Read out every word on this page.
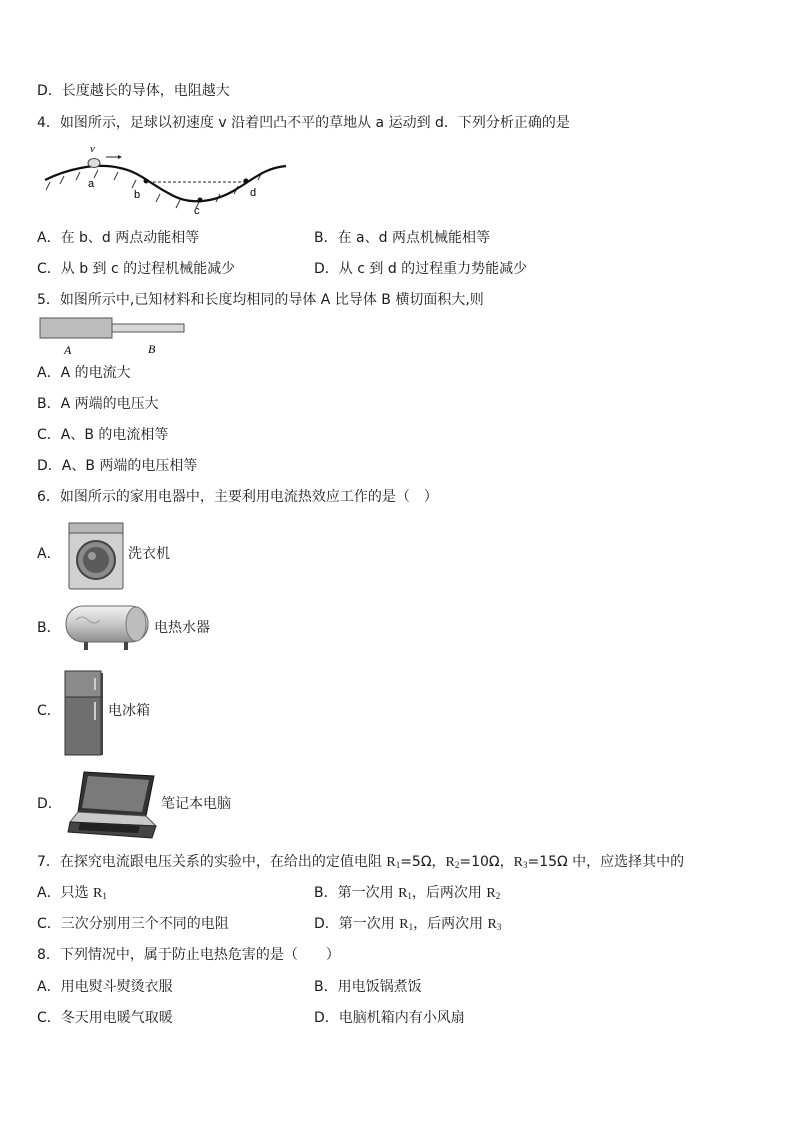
D．长度越长的导体，电阻越大
4．如图所示，足球以初速度 v 沿着凹凸不平的草地从 a 运动到 d．下列分析正确的是
v
a
b
c
d
A．在 b、d 两点动能相等	B．在 a、d 两点机械能相等
C．从 b 到 c 的过程机械能减少	D．从 c 到 d 的过程重力势能减少
5．如图所示中,已知材料和长度均相同的导体 A 比导体 B 横切面积大,则
A	B
A．A 的电流大
B．A 两端的电压大
C．A、B 的电流相等
D．A、B 两端的电压相等
6．如图所示的家用电器中，主要利用电流热效应工作的是（　）
A．	洗衣机
B．	电热水器
C．	电冰箱
D．	笔记本电脑
7．在探究电流跟电压关系的实验中，在给出的定值电阻 $R_1=5\Omega$，$R_2=10\Omega$，$R_3=15\Omega$ 中，应选择其中的
A．只选 $R_1$	B．第一次用 $R_1$，后两次用 $R_2$
C．三次分别用三个不同的电阻	D．第一次用 $R_1$，后两次用 $R_3$
8．下列情况中，属于防止电热危害的是（　　）
A．用电熨斗熨烫衣服	B．用电饭锅煮饭
C．冬天用电暖气取暖	D．电脑机箱内有小风扇
